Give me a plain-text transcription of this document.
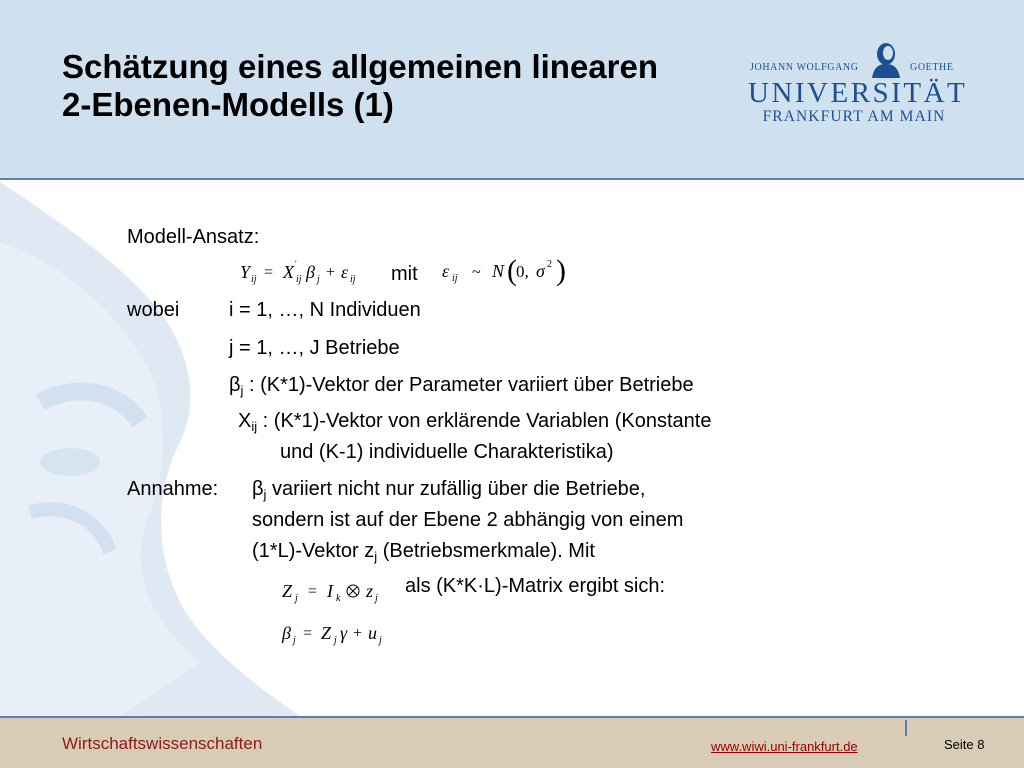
Schätzung eines allgemeinen linearen
2-Ebenen-Modells (1)
JOHANN WOLFGANG	GOETHE
UNIVERSITÄT
FRANKFURT AM MAIN
Modell-Ansatz:
Y ij = X '
ij β j + ε ij mit ε ij ~ N ( 0, σ 2 )
wobei i = 1, …, N Individuen
j = 1, …, J Betriebe
$\beta_j$ : (K*1)-Vektor der Parameter variiert über Betriebe
$X_{ij}$ : (K*1)-Vektor von erklärende Variablen (Konstante
und (K-1) individuelle Charakteristika)
Annahme: $\beta_j$ variiert nicht nur zufällig über die Betriebe,
sondern ist auf der Ebene 2 abhängig von einem
(1*L)-Vektor $z_j$ (Betriebsmerkmale). Mit
Z j = I k z j
als (K*K·L)-Matrix ergibt sich:
β j = Z j γ + u j
Wirtschaftswissenschaften	www.wiwi.uni-frankfurt.de	Seite 8
